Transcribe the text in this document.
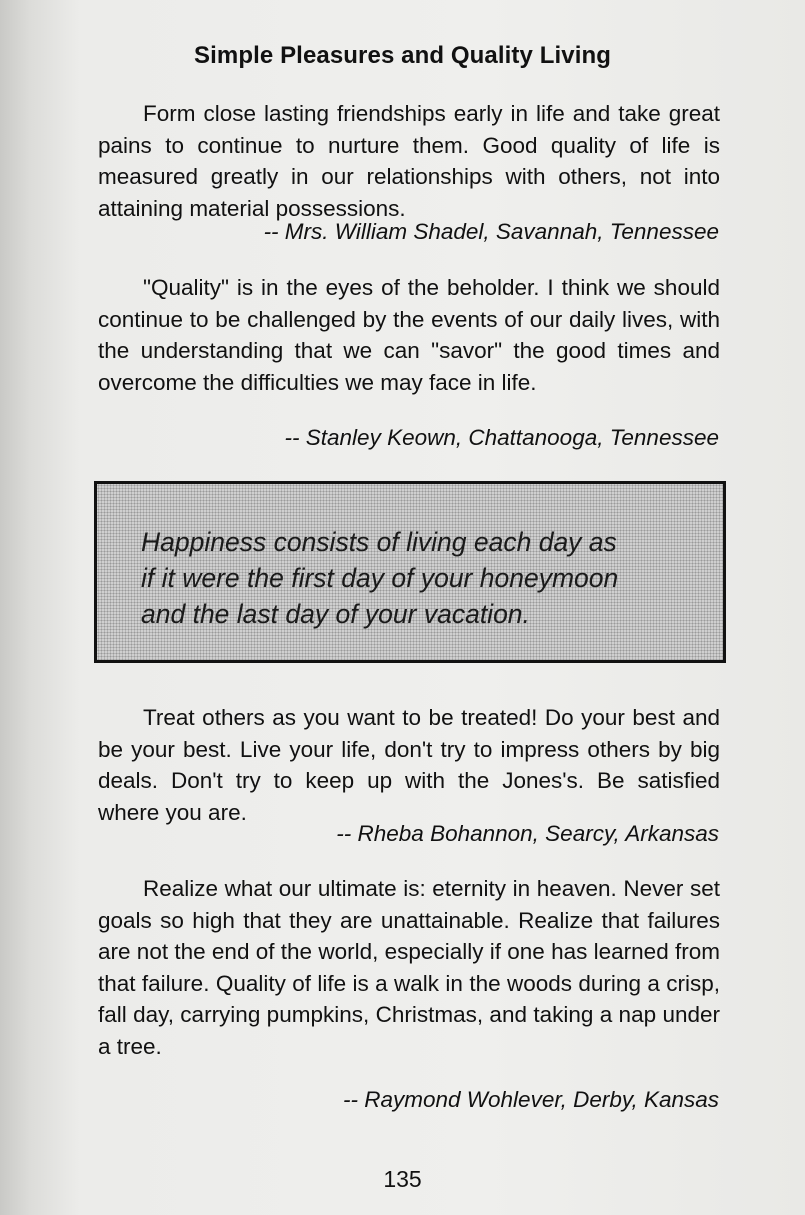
Simple Pleasures and Quality Living

Form close lasting friendships early in life and take great pains to continue to nurture them. Good quality of life is measured greatly in our relationships with others, not into attaining material possessions.

-- Mrs. William Shadel, Savannah, Tennessee

"Quality" is in the eyes of the beholder. I think we should continue to be challenged by the events of our daily lives, with the understanding that we can "savor" the good times and overcome the difficulties we may face in life.

-- Stanley Keown, Chattanooga, Tennessee
Happiness consists of living each day as
if it were the first day of your honeymoon
and the last day of your vacation.

Treat others as you want to be treated! Do your best and be your best. Live your life, don't try to impress others by big deals. Don't try to keep up with the Jones's. Be satisfied where you are.

-- Rheba Bohannon, Searcy, Arkansas

Realize what our ultimate is: eternity in heaven. Never set goals so high that they are unattainable. Realize that failures are not the end of the world, especially if one has learned from that failure. Quality of life is a walk in the woods during a crisp, fall day, carrying pumpkins, Christmas, and taking a nap under a tree.

-- Raymond Wohlever, Derby, Kansas
135
